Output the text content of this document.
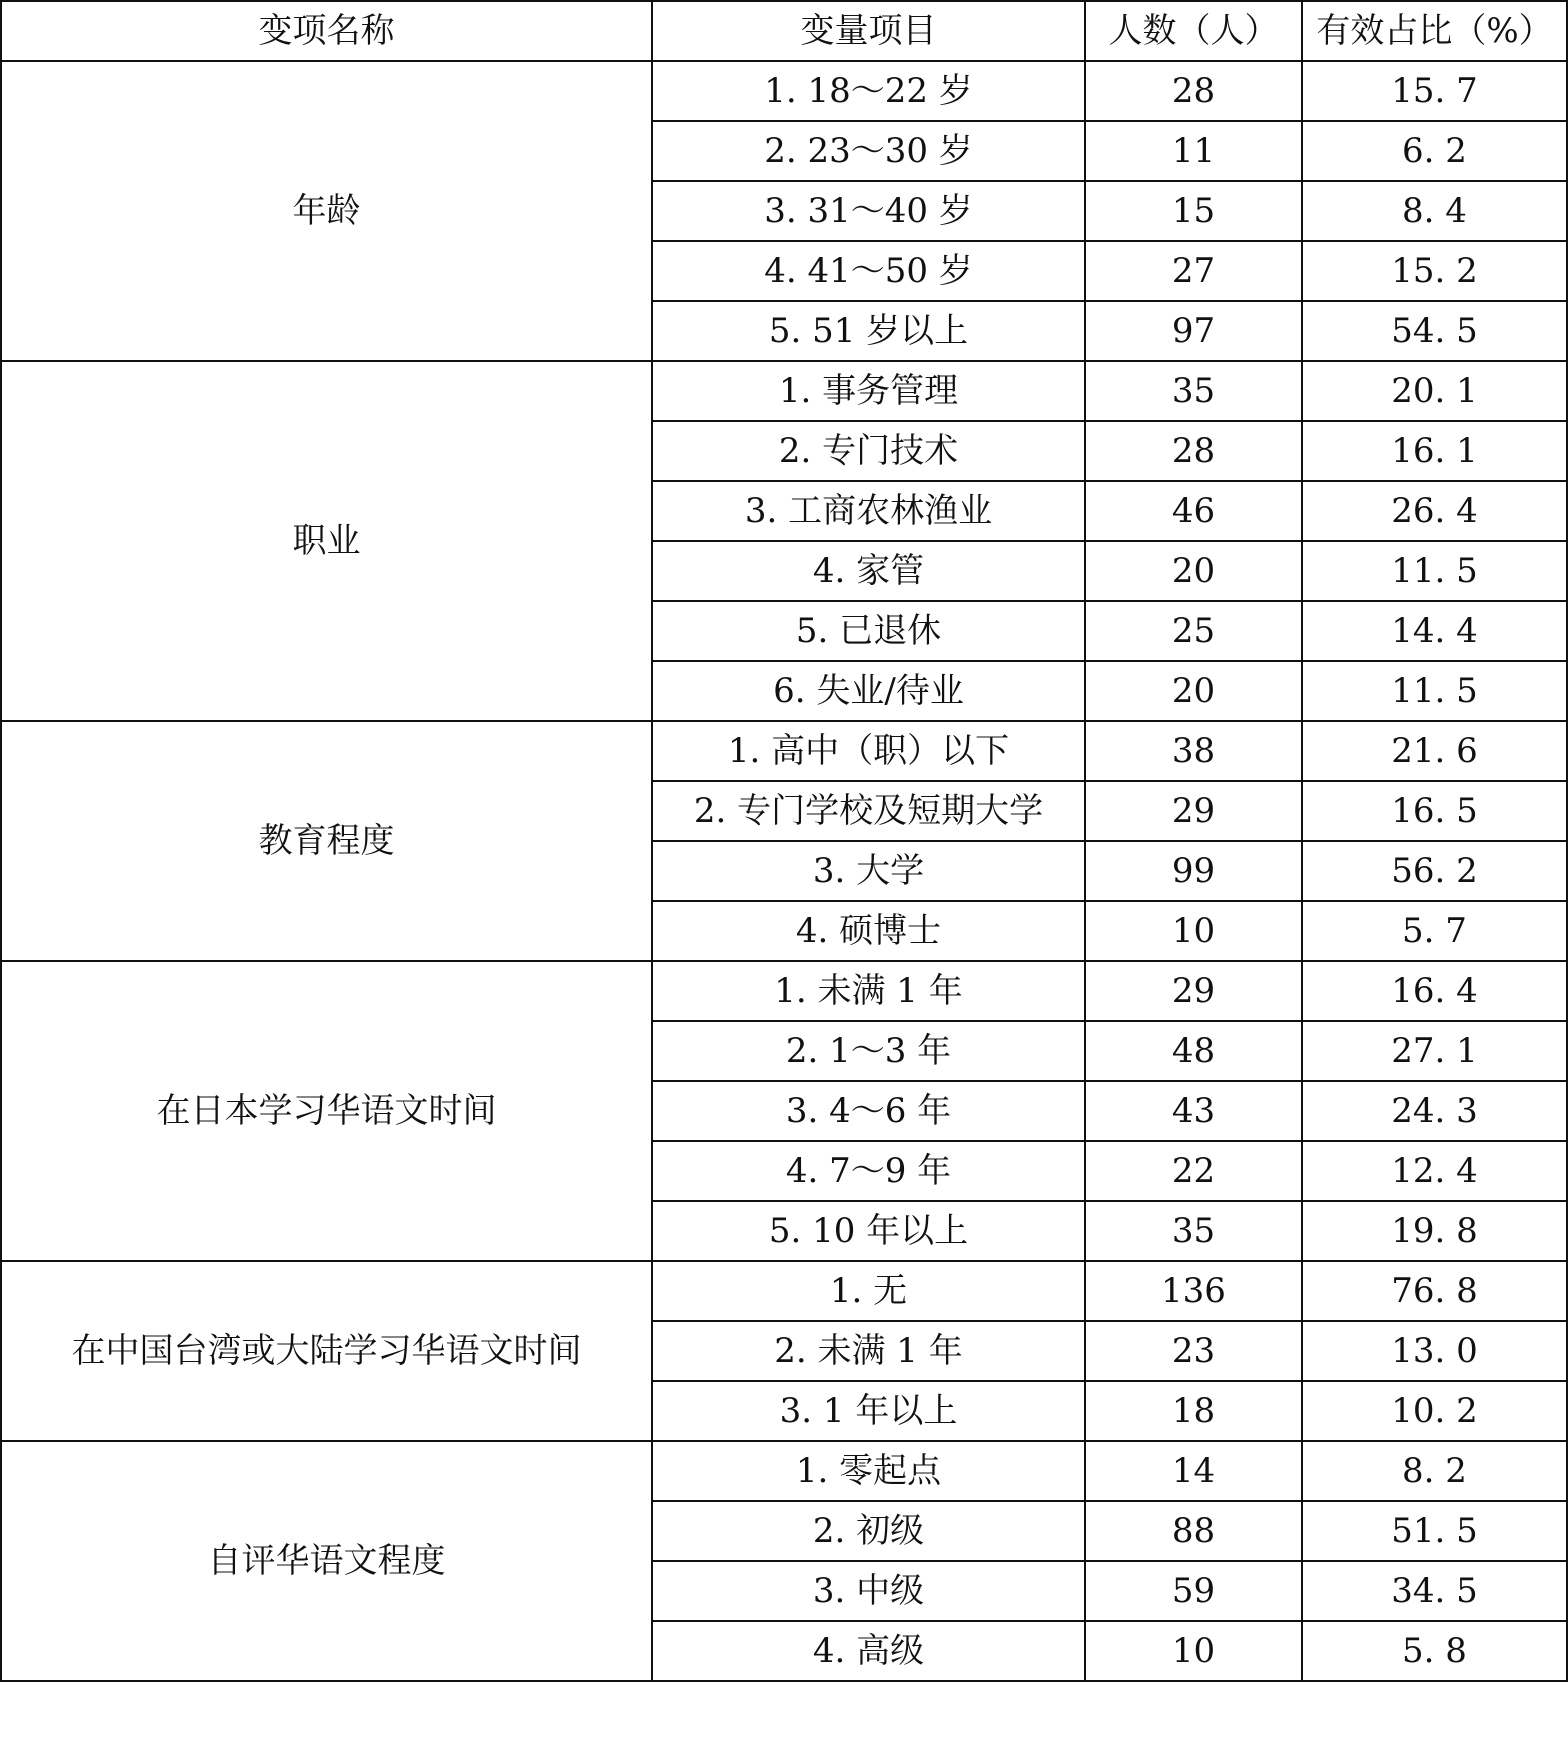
变项名称	变量项目	人数（人）	有效占比（%）
年龄	1. 18～22 岁	28	15. 7
	2. 23～30 岁	11	6. 2
	3. 31～40 岁	15	8. 4
	4. 41～50 岁	27	15. 2
	5. 51 岁以上	97	54. 5
职业	1. 事务管理	35	20. 1
	2. 专门技术	28	16. 1
	3. 工商农林渔业	46	26. 4
	4. 家管	20	11. 5
	5. 已退休	25	14. 4
	6. 失业/待业	20	11. 5
教育程度	1. 高中（职）以下	38	21. 6
	2. 专门学校及短期大学	29	16. 5
	3. 大学	99	56. 2
	4. 硕博士	10	5. 7
在日本学习华语文时间	1. 未满 1 年	29	16. 4
	2. 1～3 年	48	27. 1
	3. 4～6 年	43	24. 3
	4. 7～9 年	22	12. 4
	5. 10 年以上	35	19. 8
在中国台湾或大陆学习华语文时间	1. 无	136	76. 8
	2. 未满 1 年	23	13. 0
	3. 1 年以上	18	10. 2
自评华语文程度	1. 零起点	14	8. 2
	2. 初级	88	51. 5
	3. 中级	59	34. 5
	4. 高级	10	5. 8
